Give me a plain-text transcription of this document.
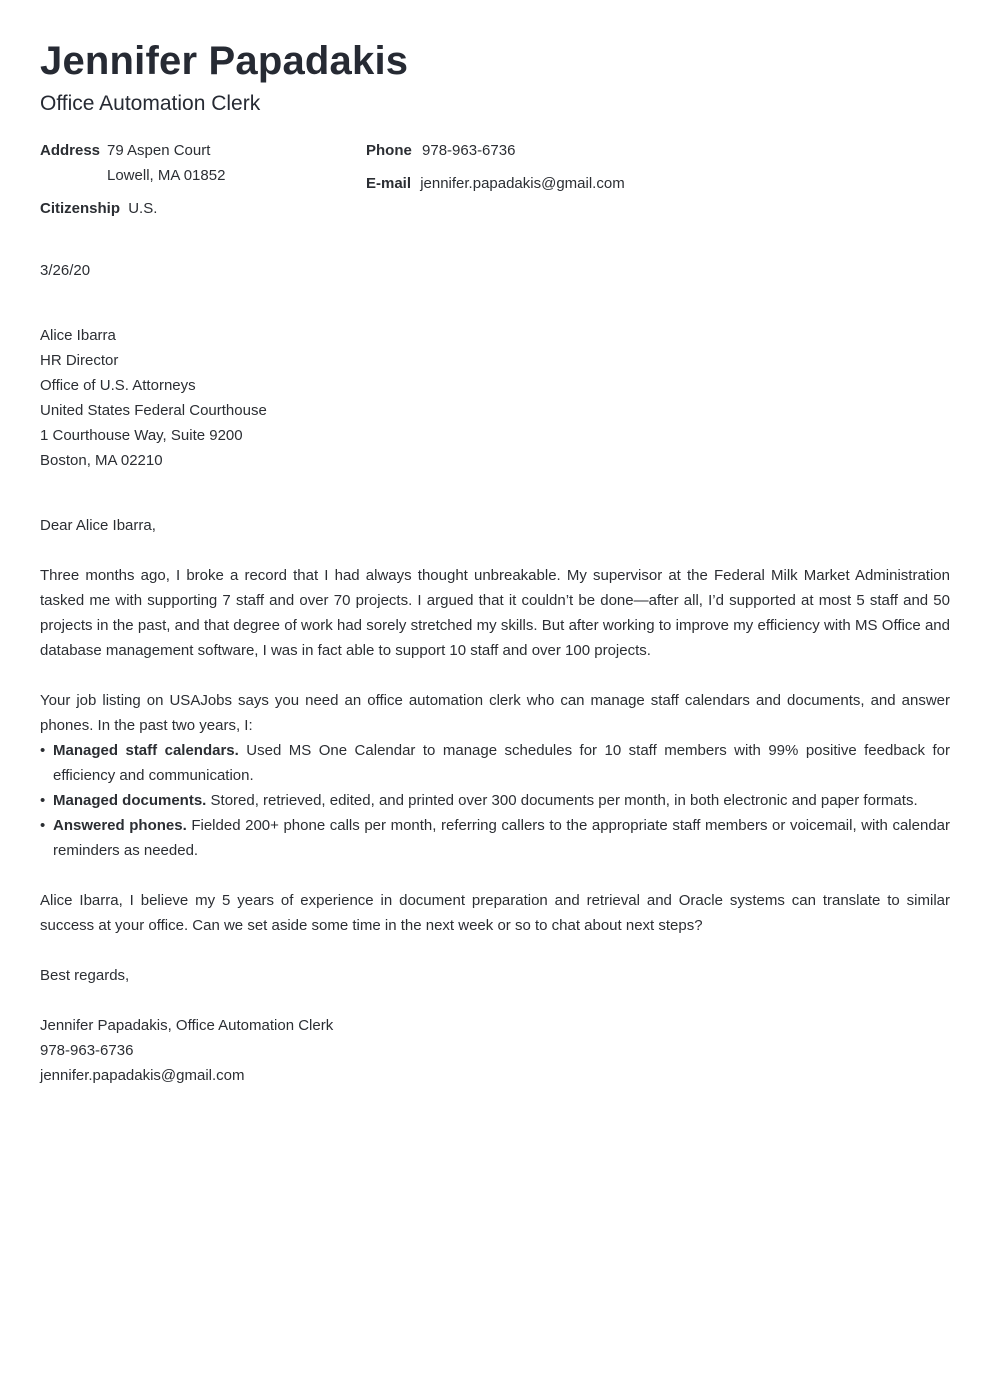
Jennifer Papadakis
Office Automation Clerk
Address 79 Aspen Court
Lowell, MA 01852
Citizenship U.S.
Phone 978-963-6736
E-mail jennifer.papadakis@gmail.com
3/26/20
Alice Ibarra
HR Director
Office of U.S. Attorneys
United States Federal Courthouse
1 Courthouse Way, Suite 9200
Boston, MA 02210
Dear Alice Ibarra,
Three months ago, I broke a record that I had always thought unbreakable. My supervisor at the Federal Milk Market Administration tasked me with supporting 7 staff and over 70 projects. I argued that it couldn’t be done—after all, I’d supported at most 5 staff and 50 projects in the past, and that degree of work had sorely stretched my skills. But after working to improve my efficiency with MS Office and database management software, I was in fact able to support 10 staff and over 100 projects.
Your job listing on USAJobs says you need an office automation clerk who can manage staff calendars and documents, and answer phones. In the past two years, I:
• Managed staff calendars. Used MS One Calendar to manage schedules for 10 staff members with 99% positive feedback for efficiency and communication.
• Managed documents. Stored, retrieved, edited, and printed over 300 documents per month, in both electronic and paper formats.
• Answered phones. Fielded 200+ phone calls per month, referring callers to the appropriate staff members or voicemail, with calendar reminders as needed.
Alice Ibarra, I believe my 5 years of experience in document preparation and retrieval and Oracle systems can translate to similar success at your office. Can we set aside some time in the next week or so to chat about next steps?
Best regards,
Jennifer Papadakis, Office Automation Clerk
978-963-6736
jennifer.papadakis@gmail.com
